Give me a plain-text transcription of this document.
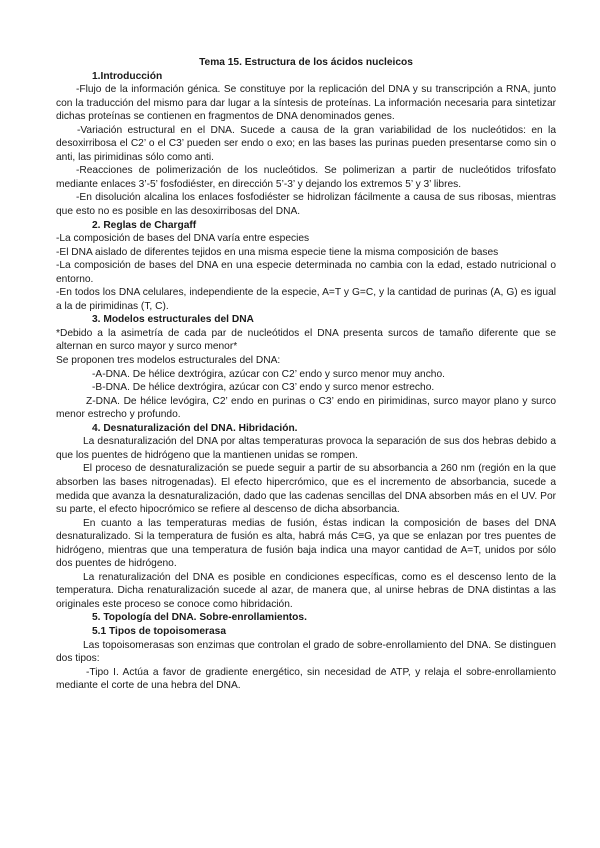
Tema 15. Estructura de los ácidos nucleicos

1.Introducción

-Flujo de la información génica. Se constituye por la replicación del DNA y su transcripción a RNA, junto con la traducción del mismo para dar lugar a la síntesis de proteínas. La información necesaria para sintetizar dichas proteínas se contienen en fragmentos de DNA denominados genes.

-Variación estructural en el DNA. Sucede a causa de la gran variabilidad de los nucleótidos: en la desoxirribosa el C2’ o el C3’ pueden ser endo o exo; en las bases las purinas pueden presentarse como sin o anti, las pirimidinas sólo como anti.

-Reacciones de polimerización de los nucleótidos. Se polimerizan a partir de nucleótidos trifosfato mediante enlaces 3’-5’ fosfodiéster, en dirección 5’-3’ y dejando los extremos 5’ y 3’ libres.

-En disolución alcalina los enlaces fosfodiéster se hidrolizan fácilmente a causa de sus ribosas, mientras que esto no es posible en las desoxirribosas del DNA.

2. Reglas de Chargaff

-La composición de bases del DNA varía entre especies

-El DNA aislado de diferentes tejidos en una misma especie tiene la misma composición de bases

-La composición de bases del DNA en una especie determinada no cambia con la edad, estado nutricional o entorno.

-En todos los DNA celulares, independiente de la especie, A=T y G=C, y la cantidad de purinas (A, G) es igual a la de pirimidinas (T, C).

3. Modelos estructurales del DNA

*Debido a la asimetría de cada par de nucleótidos el DNA presenta surcos de tamaño diferente que se alternan en surco mayor y surco menor*

Se proponen tres modelos estructurales del DNA:

-A-DNA. De hélice dextrógira, azúcar con C2’ endo y surco menor muy ancho.

-B-DNA. De hélice dextrógira, azúcar con C3’ endo y surco menor estrecho.

Z-DNA. De hélice levógira, C2’ endo en purinas o C3’ endo en pirimidinas, surco mayor plano y surco menor estrecho y profundo.

4. Desnaturalización del DNA. Hibridación.

La desnaturalización del DNA por altas temperaturas provoca la separación de sus dos hebras debido a que los puentes de hidrógeno que la mantienen unidas se rompen.

El proceso de desnaturalización se puede seguir a partir de su absorbancia a 260 nm (región en la que absorben las bases nitrogenadas). El efecto hipercrómico, que es el incremento de absorbancia, sucede a medida que avanza la desnaturalización, dado que las cadenas sencillas del DNA absorben más en el UV. Por su parte, el efecto hipocrómico se refiere al descenso de dicha absorbancia.

En cuanto a las temperaturas medias de fusión, éstas indican la composición de bases del DNA desnaturalizado. Si la temperatura de fusión es alta, habrá más C≡G, ya que se enlazan por tres puentes de hidrógeno, mientras que una temperatura de fusión baja indica una mayor cantidad de A=T, unidos por sólo dos puentes de hidrógeno.

La renaturalización del DNA es posible en condiciones específicas, como es el descenso lento de la temperatura. Dicha renaturalización sucede al azar, de manera que, al unirse hebras de DNA distintas a las originales este proceso se conoce como hibridación.

5. Topología del DNA. Sobre-enrollamientos.

5.1 Tipos de topoisomerasa

Las topoisomerasas son enzimas que controlan el grado de sobre-enrollamiento del DNA. Se distinguen dos tipos:

-Tipo I. Actúa a favor de gradiente energético, sin necesidad de ATP, y relaja el sobre-enrollamiento mediante el corte de una hebra del DNA.
